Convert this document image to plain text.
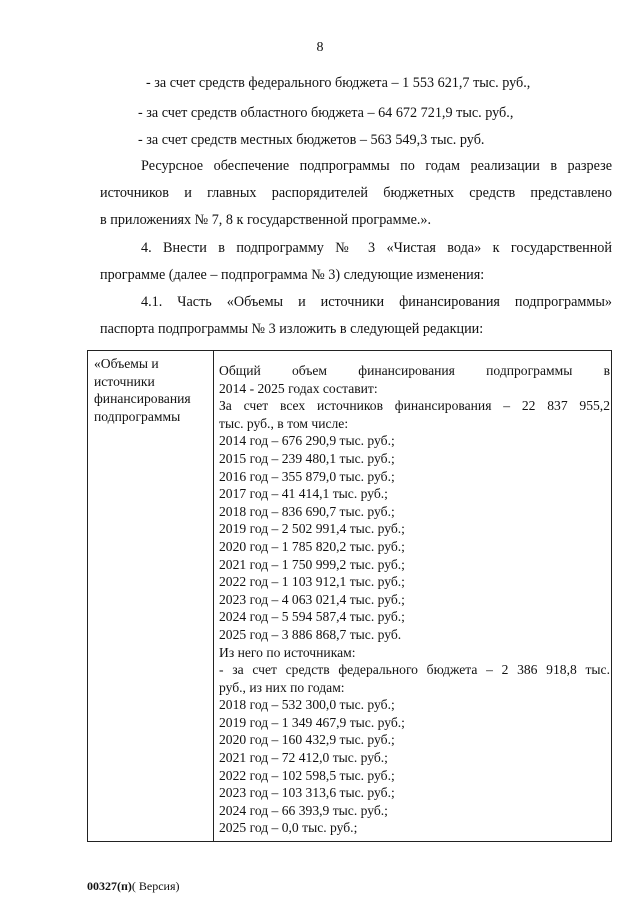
8
- за счет средств федерального бюджета – 1 553 621,7 тыс. руб.,
- за счет средств областного бюджета – 64 672 721,9 тыс. руб.,
- за счет средств местных бюджетов – 563 549,3 тыс. руб.
Ресурсное обеспечение подпрограммы по годам реализации в разрезе
источников и главных распорядителей бюджетных средств представлено
в приложениях № 7, 8 к государственной программе.».
4. Внести в подпрограмму № 3 «Чистая вода» к государственной
программе (далее – подпрограмма № 3) следующие изменения:
4.1. Часть «Объемы и источники финансирования подпрограммы»
паспорта подпрограммы № 3 изложить в следующей редакции:
«Объемы и
источники
финансирования
подпрограммы
Общий объем финансирования подпрограммы в
2014 - 2025 годах составит:
За счет всех источников финансирования – 22 837 955,2
тыс. руб., в том числе:
2014 год – 676 290,9 тыс. руб.;
2015 год – 239 480,1 тыс. руб.;
2016 год – 355 879,0 тыс. руб.;
2017 год – 41 414,1 тыс. руб.;
2018 год – 836 690,7 тыс. руб.;
2019 год – 2 502 991,4 тыс. руб.;
2020 год – 1 785 820,2 тыс. руб.;
2021 год – 1 750 999,2 тыс. руб.;
2022 год – 1 103 912,1 тыс. руб.;
2023 год – 4 063 021,4 тыс. руб.;
2024 год – 5 594 587,4 тыс. руб.;
2025 год – 3 886 868,7 тыс. руб.
Из него по источникам:
- за счет средств федерального бюджета – 2 386 918,8 тыс.
руб., из них по годам:
2018 год – 532 300,0 тыс. руб.;
2019 год – 1 349 467,9 тыс. руб.;
2020 год – 160 432,9 тыс. руб.;
2021 год – 72 412,0 тыс. руб.;
2022 год – 102 598,5 тыс. руб.;
2023 год – 103 313,6 тыс. руб.;
2024 год – 66 393,9 тыс. руб.;
2025 год – 0,0 тыс. руб.;
00327(п)( Версия)
